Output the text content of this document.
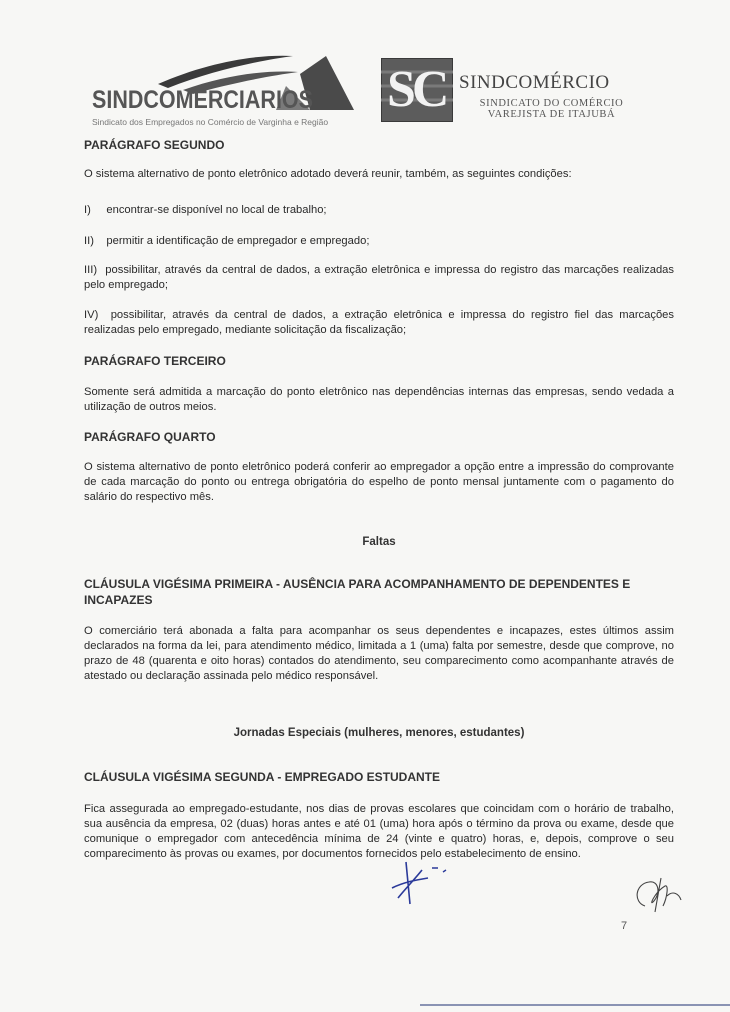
SINDCOMERCIARIOS
Sindicato dos Empregados no Comércio de Varginha e Região
SC SINDCOMÉRCIO
SINDICATO DO COMÉRCIO
VAREJISTA DE ITAJUBÁ
PARÁGRAFO SEGUNDO
O sistema alternativo de ponto eletrônico adotado deverá reunir, também, as seguintes condições:
I)     encontrar-se disponível no local de trabalho;
II)    permitir a identificação de empregador e empregado;
III)  possibilitar, através da central de dados, a extração eletrônica e impressa do registro das marcações realizadas pelo empregado;
IV)  possibilitar, através da central de dados, a extração eletrônica e impressa do registro fiel das marcações realizadas pelo empregado, mediante solicitação da fiscalização;
PARÁGRAFO TERCEIRO
Somente será admitida a marcação do ponto eletrônico nas dependências internas das empresas, sendo vedada a utilização de outros meios.
PARÁGRAFO QUARTO
O sistema alternativo de ponto eletrônico poderá conferir ao empregador a opção entre a impressão do comprovante de cada marcação do ponto ou entrega obrigatória do espelho de ponto mensal juntamente com o pagamento do salário do respectivo mês.
Faltas
CLÁUSULA VIGÉSIMA PRIMEIRA - AUSÊNCIA PARA ACOMPANHAMENTO DE DEPENDENTES E INCAPAZES
O comerciário terá abonada a falta para acompanhar os seus dependentes e incapazes, estes últimos assim declarados na forma da lei, para atendimento médico, limitada a 1 (uma) falta por semestre, desde que comprove, no prazo de 48 (quarenta e oito horas) contados do atendimento, seu comparecimento como acompanhante através de atestado ou declaração assinada pelo médico responsável.
Jornadas Especiais (mulheres, menores, estudantes)
CLÁUSULA VIGÉSIMA SEGUNDA - EMPREGADO ESTUDANTE
Fica assegurada ao empregado-estudante, nos dias de provas escolares que coincidam com o horário de trabalho, sua ausência da empresa, 02 (duas) horas antes e até 01 (uma) hora após o término da prova ou exame, desde que comunique o empregador com antecedência mínima de 24 (vinte e quatro) horas, e, depois, comprove o seu comparecimento às provas ou exames, por documentos fornecidos pelo estabelecimento de ensino.
7
